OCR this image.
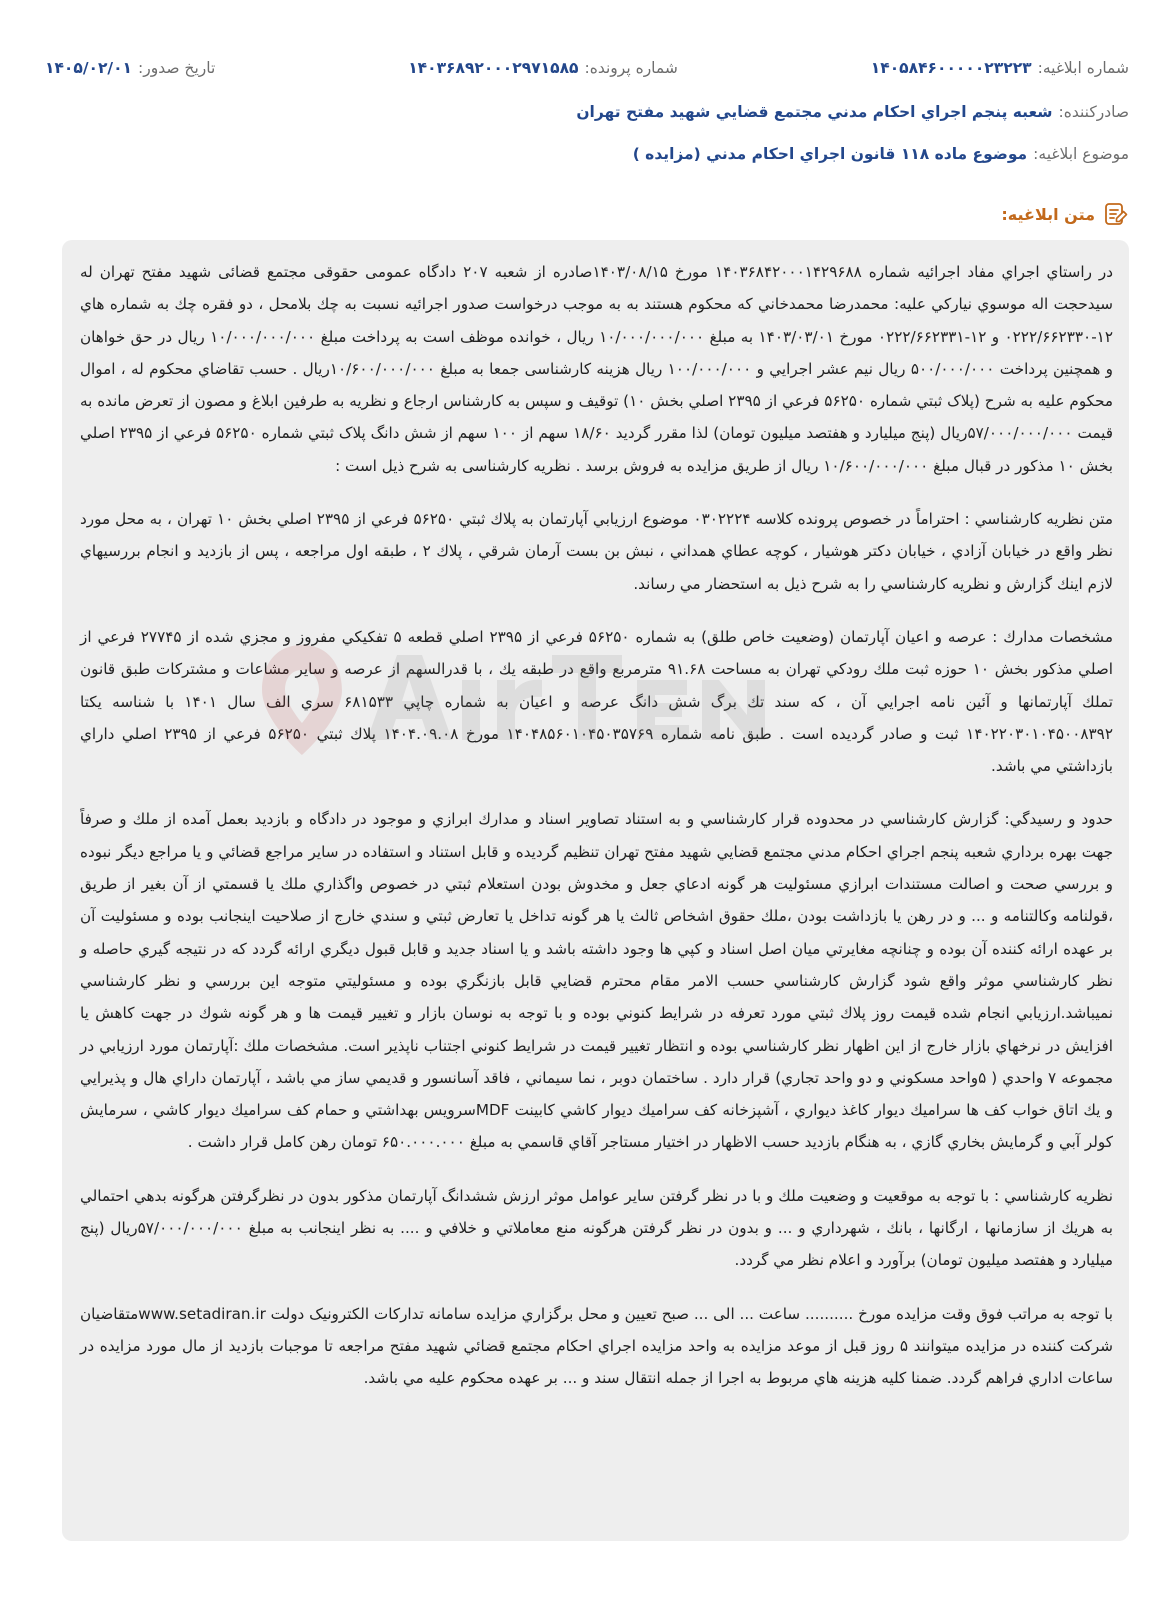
شماره ابلاغيه:
۱۴۰۵۸۴۶۰۰۰۰۰۲۳۲۲۳
شماره پرونده:
۱۴۰۳۶۸۹۲۰۰۰۲۹۷۱۵۸۵
تاريخ صدور:
۱۴۰۵/۰۲/۰۱
صادرکننده:
شعبه پنجم اجراي احكام مدني مجتمع قضايي شهيد مفتح تهران
موضوع ابلاغيه:
موضوع ماده ۱۱۸ قانون اجراي احكام مدني (مزايده )
متن ابلاغيه:

در راستاي اجراي مفاد اجرائيه شماره ۱۴۰۳۶۸۴۲۰۰۰۱۴۲۹۶۸۸ مورخ ۱۴۰۳/۰۸/۱۵صادره از شعبه ۲۰۷ دادگاه عمومی حقوقی مجتمع قضائی شهید مفتح تهران له سيدحجت اله موسوي نياركي عليه: محمدرضا محمدخاني که محکوم هستند به به موجب درخواست صدور اجرائيه نسبت به چك بلامحل ، دو فقره چك به شماره هاي ۱۲-۰۲۲۲/۶۶۲۳۳۰ و ۱۲-۰۲۲۲/۶۶۲۳۳۱ مورخ ۱۴۰۳/۰۳/۰۱ به مبلغ ۱۰/۰۰۰/۰۰۰/۰۰۰ ريال ، خوانده موظف است به پرداخت مبلغ ۱۰/۰۰۰/۰۰۰/۰۰۰ ريال در حق خواهان و همچنين پرداخت ۵۰۰/۰۰۰/۰۰۰ ريال نيم عشر اجرايي و ۱۰۰/۰۰۰/۰۰۰ ريال هزينه كارشناسی جمعا به مبلغ ۱۰/۶۰۰/۰۰۰/۰۰۰ريال . حسب تقاضاي محكوم له ، اموال محكوم عليه به شرح (پلاک ثبتي شماره ۵۶۲۵۰ فرعي از ۲۳۹۵ اصلي بخش ۱۰) توقيف و سپس به كارشناس ارجاع و نظريه به طرفين ابلاغ و مصون از تعرض مانده به قيمت ۵۷/۰۰۰/۰۰۰/۰۰۰ريال (پنج ميليارد و هفتصد ميليون تومان) لذا مقرر گرديد ۱۸/۶۰ سهم از ۱۰۰ سهم از شش دانگ پلاک ثبتي شماره ۵۶۲۵۰ فرعي از ۲۳۹۵ اصلي بخش ۱۰ مذكور در قبال مبلغ ۱۰/۶۰۰/۰۰۰/۰۰۰ ريال از طريق مزايده به فروش برسد . نظريه كارشناسی به شرح ذيل است :

متن نظريه كارشناسي : احتراماً در خصوص پرونده كلاسه ۰۳۰۲۲۲۴ موضوع ارزيابي آپارتمان به پلاك ثبتي ۵۶۲۵۰ فرعي از ۲۳۹۵ اصلي بخش ۱۰ تهران ، به محل مورد نظر واقع در خيابان آزادي ، خيابان دكتر هوشيار ، كوچه عطاي همداني ، نبش بن بست آرمان شرقي ، پلاك ۲ ، طبقه اول مراجعه ، پس از بازديد و انجام بررسيهاي لازم اينك گزارش و نظريه كارشناسي را به شرح ذيل به استحضار مي رساند.

مشخصات مدارك : عرصه و اعيان آپارتمان (وضعيت خاص طلق) به شماره ۵۶۲۵۰ فرعي از ۲۳۹۵ اصلي قطعه ۵ تفكيكي مفروز و مجزي شده از ۲۷۷۴۵ فرعي از اصلي مذكور بخش ۱۰ حوزه ثبت ملك رودكي تهران به مساحت ۹۱.۶۸ مترمربع واقع در طبقه يك ، با قدرالسهم از عرصه و ساير مشاعات و مشتركات طبق قانون تملك آپارتمانها و آئين نامه اجرايي آن ، كه سند تك برگ شش دانگ عرصه و اعيان به شماره چاپي ۶۸۱۵۳۳ سري الف سال ۱۴۰۱ با شناسه يكتا ۱۴۰۲۲۰۳۰۱۰۴۵۰۰۸۳۹۲ ثبت و صادر گرديده است . طبق نامه شماره ۱۴۰۴۸۵۶۰۱۰۴۵۰۳۵۷۶۹ مورخ ۱۴۰۴.۰۹.۰۸ پلاك ثبتي ۵۶۲۵۰ فرعي از ۲۳۹۵ اصلي داراي بازداشتي مي باشد.

حدود و رسيدگي: گزارش كارشناسي در محدوده قرار كارشناسي و به استناد تصاوير اسناد و مدارك ابرازي و موجود در دادگاه و بازديد بعمل آمده از ملك و صرفاً جهت بهره برداري شعبه پنجم اجراي احكام مدني مجتمع قضايي شهيد مفتح تهران تنظيم گرديده و قابل استناد و استفاده در ساير مراجع قضائي و يا مراجع ديگر نبوده و بررسي صحت و اصالت مستندات ابرازي مسئوليت هر گونه ادعاي جعل و مخدوش بودن استعلام ثبتي در خصوص واگذاري ملك يا قسمتي از آن بغير از طريق ،قولنامه وكالتنامه و ... و در رهن يا بازداشت بودن ،ملك حقوق اشخاص ثالث يا هر گونه تداخل يا تعارض ثبتي و سندي خارج از صلاحيت اينجانب بوده و مسئوليت آن بر عهده ارائه كننده آن بوده و چنانچه مغايرتي ميان اصل اسناد و كپي ها وجود داشته باشد و يا اسناد جديد و قابل قبول ديگري ارائه گردد كه در نتيجه گيري حاصله و نظر كارشناسي موثر واقع شود گزارش كارشناسي حسب الامر مقام محترم قضايي قابل بازنگري بوده و مسئوليتي متوجه اين بررسي و نظر كارشناسي نميباشد.ارزيابي انجام شده قيمت روز پلاك ثبتي مورد تعرفه در شرايط كنوني بوده و با توجه به نوسان بازار و تغيير قيمت ها و هر گونه شوك در جهت كاهش يا افزايش در نرخهاي بازار خارج از اين اظهار نظر كارشناسي بوده و انتظار تغيير قيمت در شرايط كنوني اجتناب ناپذير است. مشخصات ملك :آپارتمان مورد ارزيابي در مجموعه ۷ واحدي ( ۵واحد مسكوني و دو واحد تجاري) قرار دارد . ساختمان دوبر ، نما سيماني ، فاقد آسانسور و قديمي ساز مي باشد ، آپارتمان داراي هال و پذيرايي و يك اتاق خواب كف ها سراميك ديوار كاغذ ديواري ، آشپزخانه كف سراميك ديوار كاشي كابينت MDFسرويس بهداشتي و حمام كف سراميك ديوار كاشي ، سرمايش كولر آبي و گرمايش بخاري گازي ، به هنگام بازديد حسب الاظهار در اختيار مستاجر آقاي قاسمي به مبلغ ۶۵۰.۰۰۰.۰۰۰ تومان رهن كامل قرار داشت .

نظريه كارشناسي : با توجه به موقعيت و وضعيت ملك و با در نظر گرفتن ساير عوامل موثر ارزش ششدانگ آپارتمان مذكور بدون در نظرگرفتن هرگونه بدهي احتمالي به هريك از سازمانها ، ارگانها ، بانك ، شهرداري و ... و بدون در نظر گرفتن هرگونه منع معاملاتي و خلافي و .... به نظر اينجانب به مبلغ ۵۷/۰۰۰/۰۰۰/۰۰۰ريال (پنج ميليارد و هفتصد ميليون تومان) برآورد و اعلام نظر مي گردد.

با توجه به مراتب فوق وقت مزايده مورخ .......... ساعت ... الی ... صبح تعيين و محل برگزاري مزايده سامانه تدارکات الکترونيک دولت www.setadiran.irمتقاضيان شركت كننده در مزايده ميتوانند ۵ روز قبل از موعد مزايده به واحد مزايده اجراي احكام مجتمع قضائي شهيد مفتح مراجعه تا موجبات بازديد از مال مورد مزايده در ساعات اداري فراهم گردد. ضمنا كليه هزينه هاي مربوط به اجرا از جمله انتقال سند و ... بر عهده محكوم عليه مي باشد.
